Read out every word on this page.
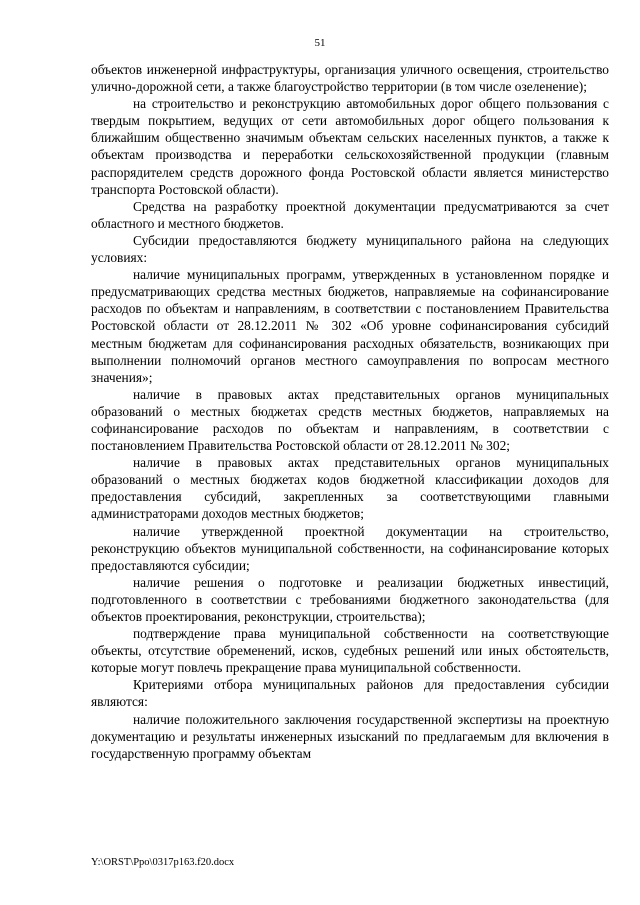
51

объектов инженерной инфраструктуры, организация уличного освещения, строительство улично-дорожной сети, а также благоустройство территории (в том числе озеленение);

на строительство и реконструкцию автомобильных дорог общего пользования с твердым покрытием, ведущих от сети автомобильных дорог общего пользования к ближайшим общественно значимым объектам сельских населенных пунктов, а также к объектам производства и переработки сельскохозяйственной продукции (главным распорядителем средств дорожного фонда Ростовской области является министерство транспорта Ростовской области).

Средства на разработку проектной документации предусматриваются за счет областного и местного бюджетов.

Субсидии предоставляются бюджету муниципального района на следующих условиях:

наличие муниципальных программ, утвержденных в установленном порядке и предусматривающих средства местных бюджетов, направляемые на софинансирование расходов по объектам и направлениям, в соответствии с постановлением Правительства Ростовской области от 28.12.2011 № 302 «Об уровне софинансирования субсидий местным бюджетам для софинансирования расходных обязательств, возникающих при выполнении полномочий органов местного самоуправления по вопросам местного значения»;

наличие в правовых актах представительных органов муниципальных образований о местных бюджетах средств местных бюджетов, направляемых на софинансирование расходов по объектам и направлениям, в соответствии с постановлением Правительства Ростовской области от 28.12.2011 № 302;

наличие в правовых актах представительных органов муниципальных образований о местных бюджетах кодов бюджетной классификации доходов для предоставления субсидий, закрепленных за соответствующими главными администраторами доходов местных бюджетов;

наличие утвержденной проектной документации на строительство, реконструкцию объектов муниципальной собственности, на софинансирование которых предоставляются субсидии;

наличие решения о подготовке и реализации бюджетных инвестиций, подготовленного в соответствии с требованиями бюджетного законодательства (для объектов проектирования, реконструкции, строительства);

подтверждение права муниципальной собственности на соответствующие объекты, отсутствие обременений, исков, судебных решений или иных обстоятельств, которые могут повлечь прекращение права муниципальной собственности.

Критериями отбора муниципальных районов для предоставления субсидии являются:

наличие положительного заключения государственной экспертизы на проектную документацию и результаты инженерных изысканий по предлагаемым для включения в государственную программу объектам

Y:\ORST\Ppo\0317p163.f20.docx
